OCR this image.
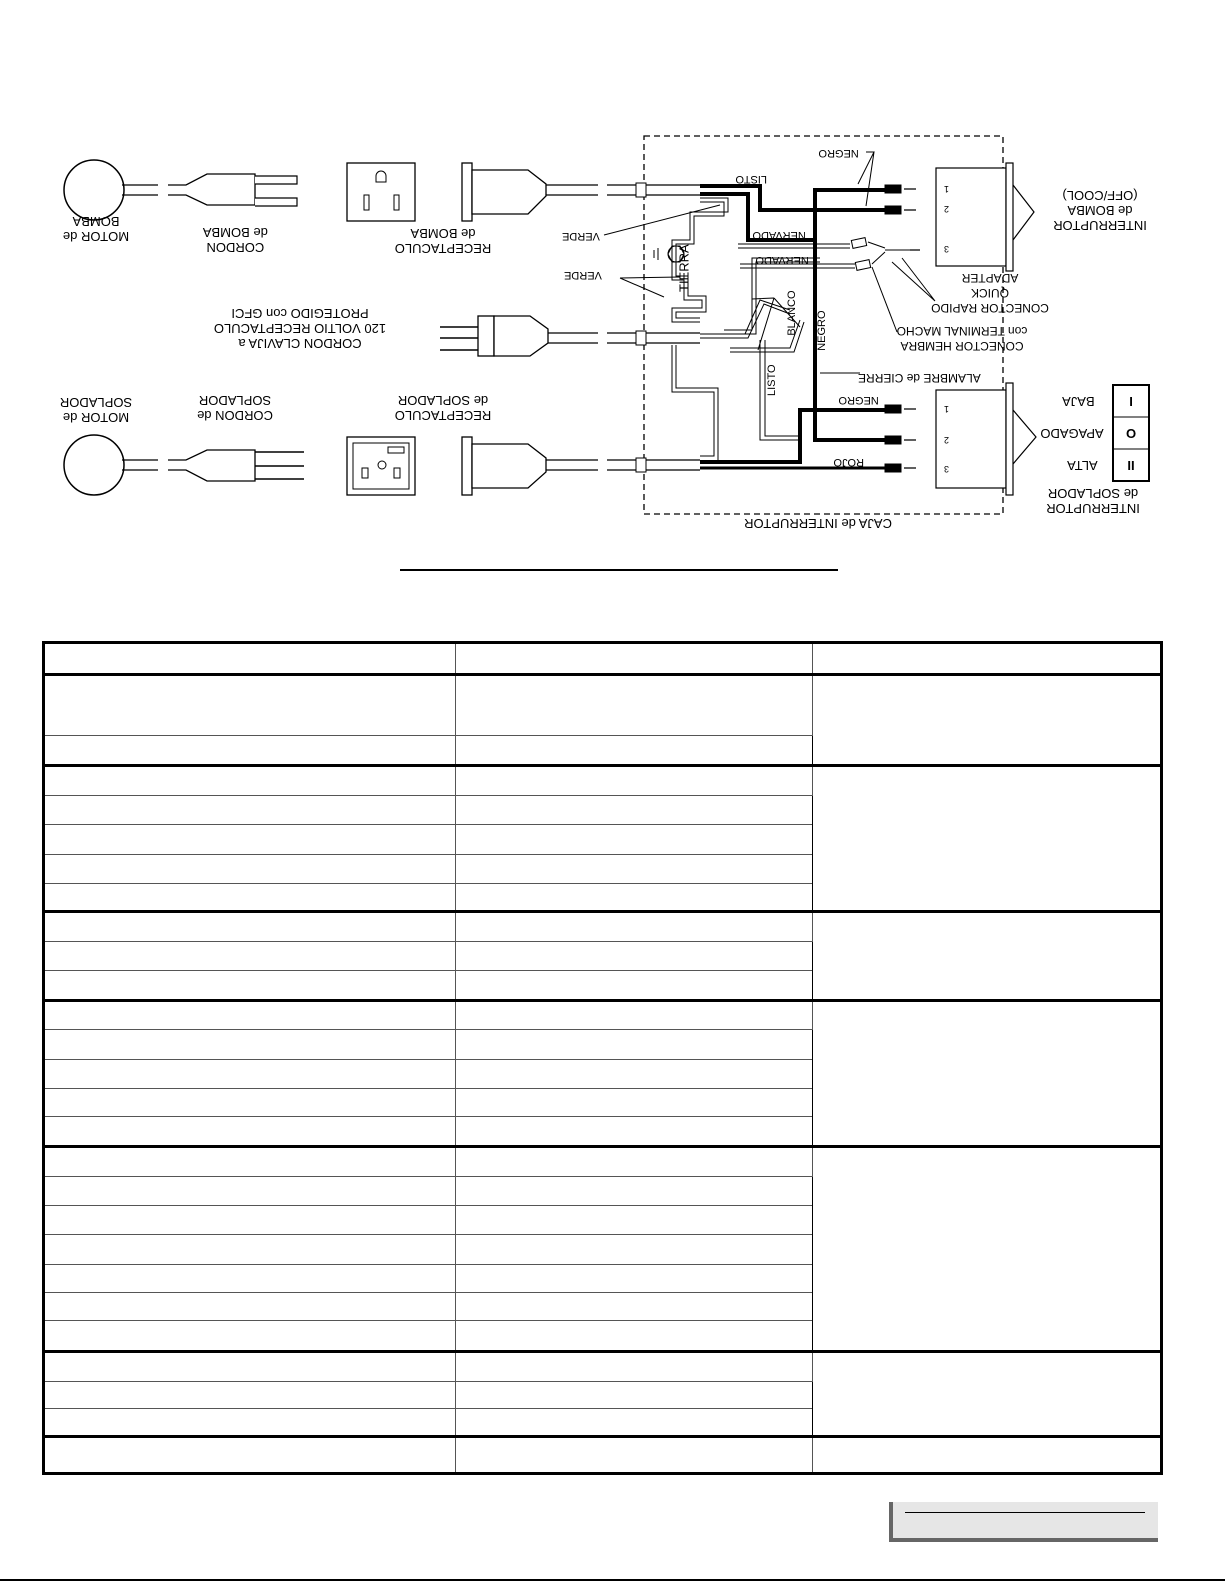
MOTOR de
BOMBA
CORDON
de BOMBA
RECEPTACULO
de BOMBA	VERDE
VERDE	TIERRA
CORDON CLAVIJA a
120 VOLTIO RECEPTACULO
PROTEGIDO con GFCI
MOTOR de
SOPLADOR
CORDON de
SOPLADOR
RECEPTACULO
de SOPLADOR
LISTO
NEGRO
NERVADO
NERVADO
BLANCO NEGRO
LISTO
NEGRO
ROJO
ALAMBRE de CIERRE
CONECTOR HEMBRA
con TERMINAL MACHO
CONECTOR RAPIDO
QUICK
ADAPTER
INTERRUPTOR
de BOMBA
(OFF/COOL)
INTERRUPTOR
de SOPLADOR
CAJA de INTERRUPTOR
1
2
3
1
2
3
I
O
II
BAJA
APAGADO
ALTA
